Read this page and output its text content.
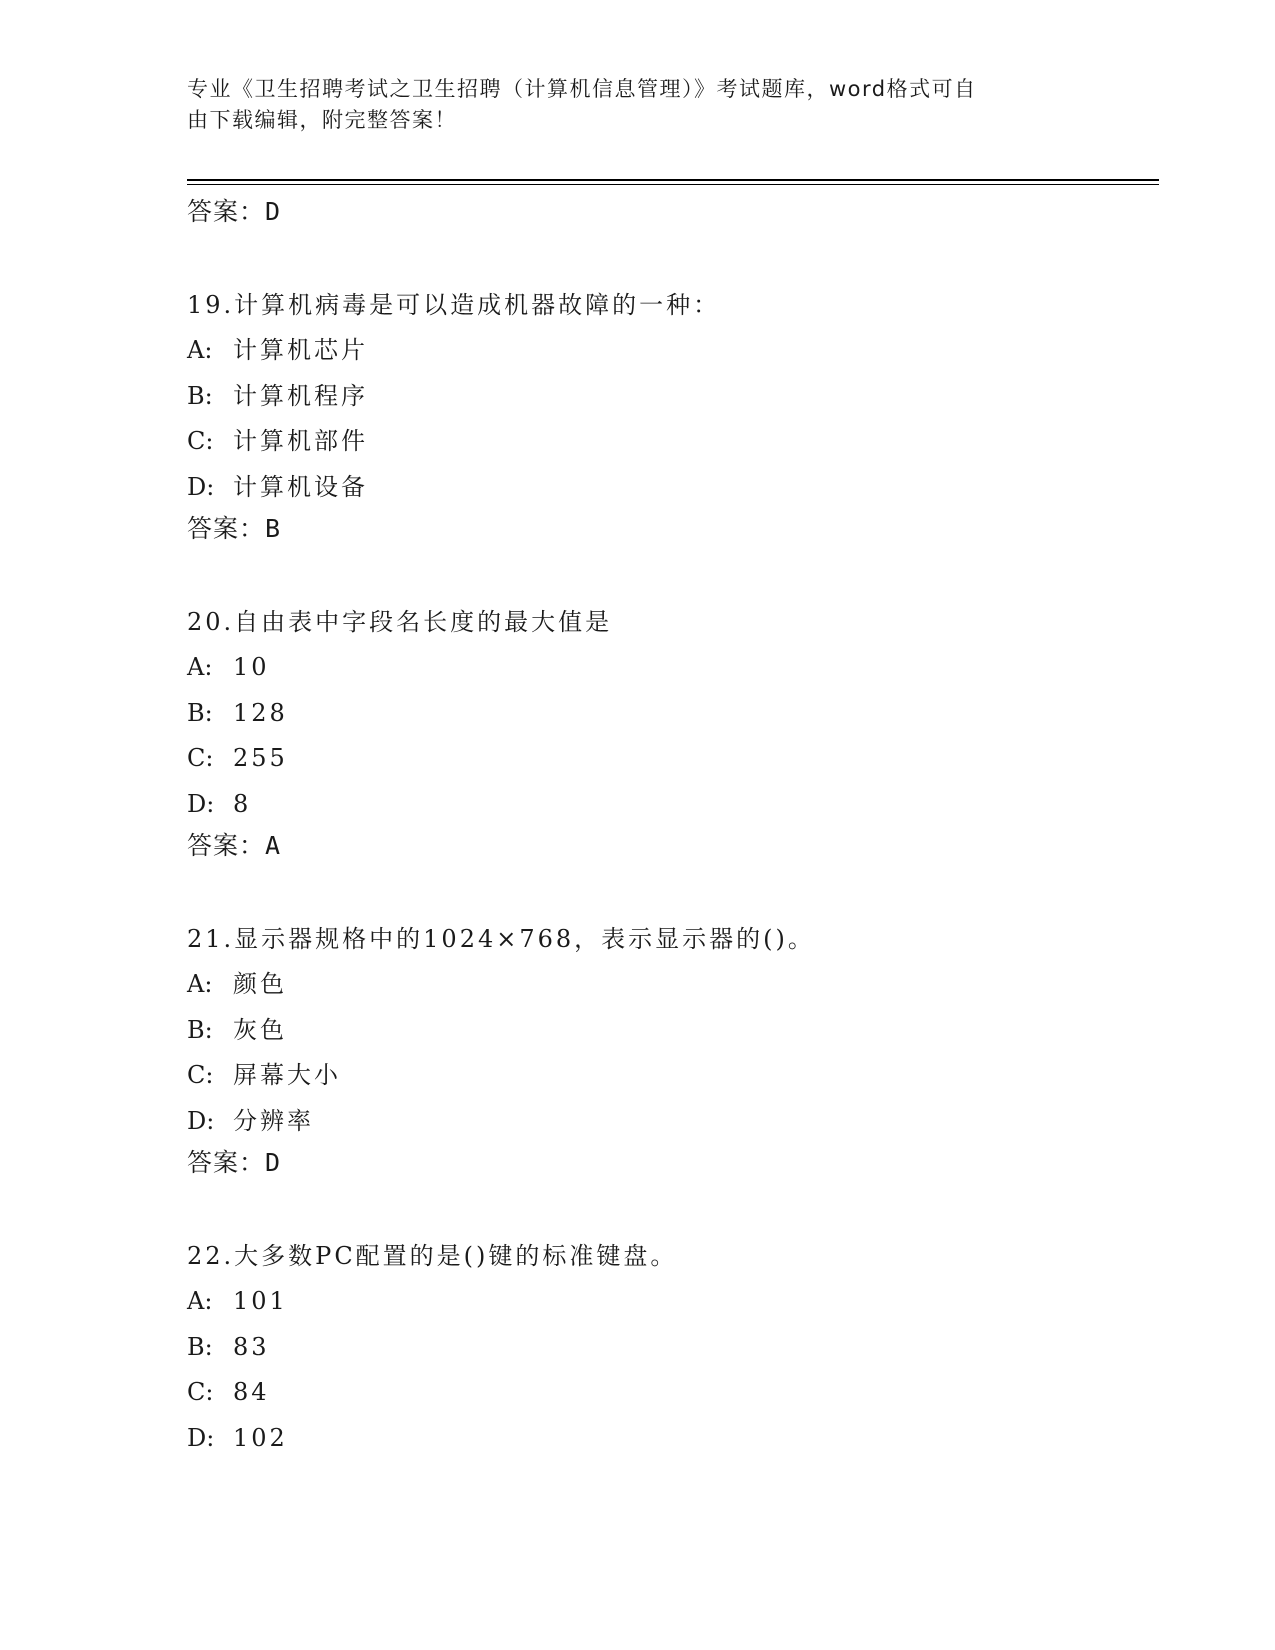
专业《卫生招聘考试之卫生招聘（计算机信息管理）》考试题库，word格式可自
由下载编辑，附完整答案！
答案：D
19.计算机病毒是可以造成机器故障的一种：
A: 计算机芯片
B: 计算机程序
C: 计算机部件
D: 计算机设备
答案：B
20.自由表中字段名长度的最大值是
A: 10
B: 128
C: 255
D: 8
答案：A
21.显示器规格中的1024×768，表示显示器的()。
A: 颜色
B: 灰色
C: 屏幕大小
D: 分辨率
答案：D
22.大多数PC配置的是()键的标准键盘。
A: 101
B: 83
C: 84
D: 102
